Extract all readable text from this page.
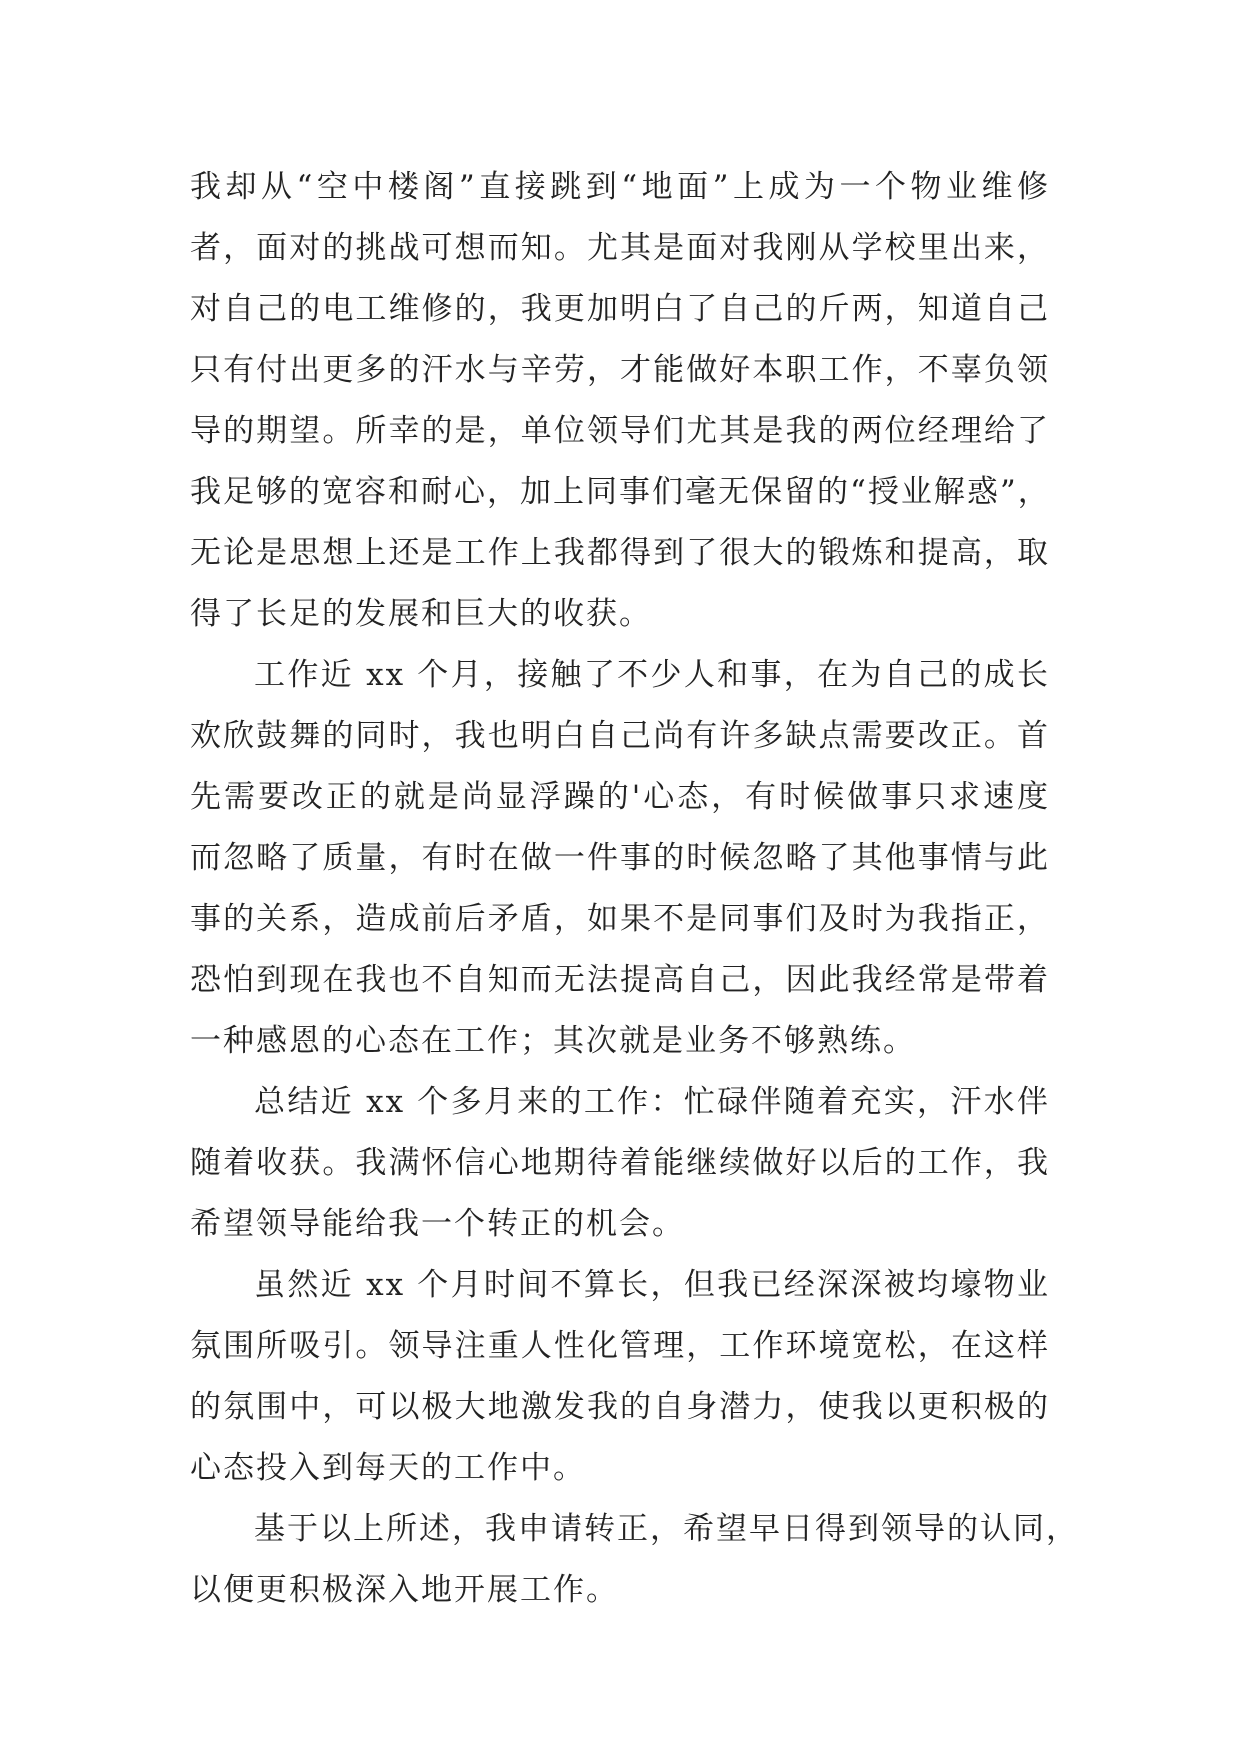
我却从“空中楼阁”直接跳到“地面”上成为一个物业维修
者，面对的挑战可想而知。尤其是面对我刚从学校里出来，
对自己的电工维修的，我更加明白了自己的斤两，知道自己
只有付出更多的汗水与辛劳，才能做好本职工作，不辜负领
导的期望。所幸的是，单位领导们尤其是我的两位经理给了
我足够的宽容和耐心，加上同事们毫无保留的“授业解惑”，
无论是思想上还是工作上我都得到了很大的锻炼和提高，取
得了长足的发展和巨大的收获。
工作近 xx 个月，接触了不少人和事，在为自己的成长
欢欣鼓舞的同时，我也明白自己尚有许多缺点需要改正。首
先需要改正的就是尚显浮躁的'心态，有时候做事只求速度
而忽略了质量，有时在做一件事的时候忽略了其他事情与此
事的关系，造成前后矛盾，如果不是同事们及时为我指正，
恐怕到现在我也不自知而无法提高自己，因此我经常是带着
一种感恩的心态在工作；其次就是业务不够熟练。
总结近 xx 个多月来的工作：忙碌伴随着充实，汗水伴
随着收获。我满怀信心地期待着能继续做好以后的工作，我
希望领导能给我一个转正的机会。
虽然近 xx 个月时间不算长，但我已经深深被均壕物业
氛围所吸引。领导注重人性化管理，工作环境宽松，在这样
的氛围中，可以极大地激发我的自身潜力，使我以更积极的
心态投入到每天的工作中。
基于以上所述，我申请转正，希望早日得到领导的认同，
以便更积极深入地开展工作。
